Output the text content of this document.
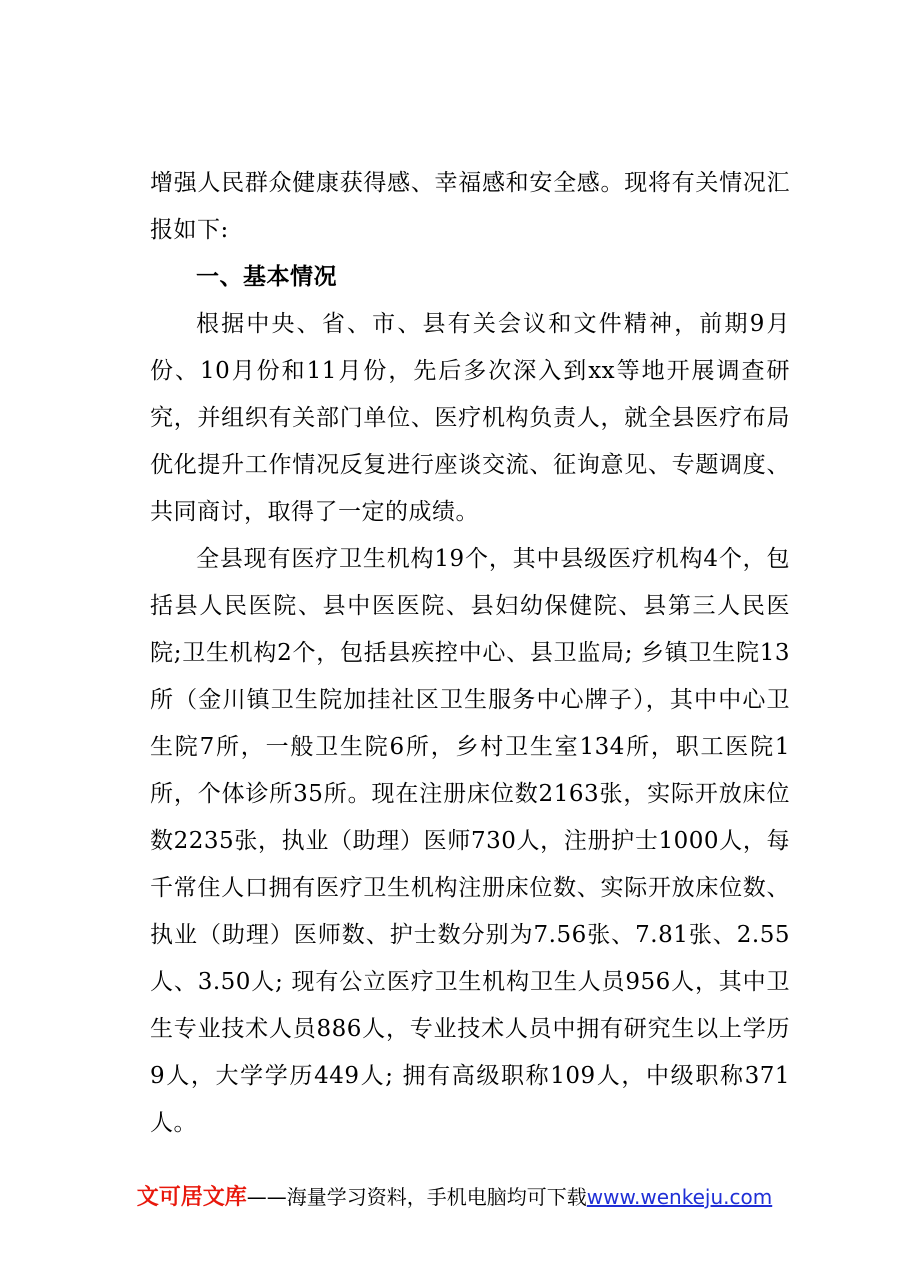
增强人民群众健康获得感、幸福感和安全感。现将有关情况汇报如下:

一、基本情况

根据中央、省、市、县有关会议和文件精神，前期9月份、10月份和11月份，先后多次深入到xx等地开展调查研究，并组织有关部门单位、医疗机构负责人，就全县医疗布局优化提升工作情况反复进行座谈交流、征询意见、专题调度、共同商讨，取得了一定的成绩。

全县现有医疗卫生机构19个，其中县级医疗机构4个，包括县人民医院、县中医医院、县妇幼保健院、县第三人民医院;卫生机构2个，包括县疾控中心、县卫监局; 乡镇卫生院13所（金川镇卫生院加挂社区卫生服务中心牌子），其中中心卫生院7所，一般卫生院6所，乡村卫生室134所，职工医院1所，个体诊所35所。现在注册床位数2163张，实际开放床位数2235张，执业（助理）医师730人，注册护士1000人，每千常住人口拥有医疗卫生机构注册床位数、实际开放床位数、执业（助理）医师数、护士数分别为7.56张、7.81张、2.55人、3.50人; 现有公立医疗卫生机构卫生人员956人，其中卫生专业技术人员886人，专业技术人员中拥有研究生以上学历9人，大学学历449人; 拥有高级职称109人，中级职称371人。

文可居文库——海量学习资料，手机电脑均可下载www.wenkeju.com
